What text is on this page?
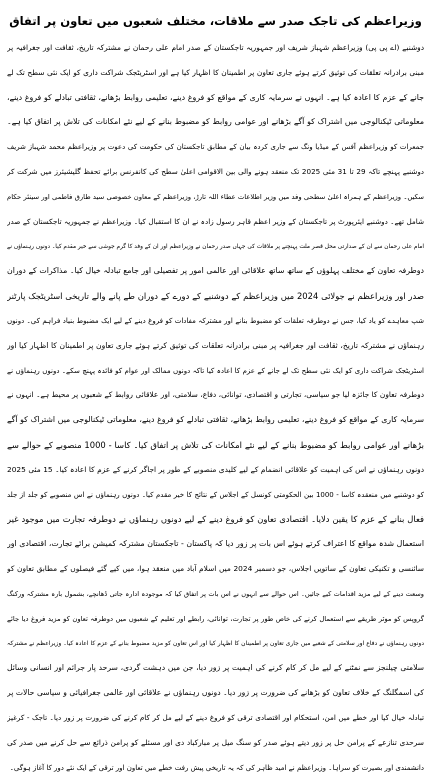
وزیراعظم کی تاجک صدر سے ملاقات، مختلف شعبوں میں تعاون پر اتفاق
دوشنبے (اے پی پی) وزیراعظم شہباز شریف اور جمہوریہ تاجکستان کے صدر امام علی رحمان نے مشترکہ تاریخ، ثقافت اور جغرافیہ پر
مبنی برادرانہ تعلقات کی توثیق کرتے ہوئے جاری تعاون پر اطمینان کا اظہار کیا ہے اور اسٹریٹجک شراکت داری کو ایک نئی سطح تک لے
جانے کے عزم کا اعادہ کیا ہے۔ انہوں نے سرمایہ کاری کے مواقع کو فروغ دینے، تعلیمی روابط بڑھانے، ثقافتی تبادلے کو فروغ دینے،
معلوماتی ٹیکنالوجی میں اشتراک کو آگے بڑھانے اور عوامی روابط کو مضبوط بنانے کے لیے نئے امکانات کی تلاش پر اتفاق کیا ہے۔
جمعرات کو وزیراعظم آفس کے میڈیا ونگ سے جاری کردہ بیان کے مطابق تاجکستان کی حکومت کی دعوت پر وزیراعظم محمد شہباز شریف
دوشنبے پہنچے تاکہ 29 تا 31 مئی 2025 تک منعقد ہونے والی بین الاقوامی اعلیٰ سطح کی کانفرنس برائے تحفظ گلیشیئرز میں شرکت کر
سکیں۔ وزیراعظم کے ہمراہ اعلیٰ سطحی وفد میں وزیر اطلاعات عطاء اللہ تارڑ، وزیراعظم کے معاون خصوصی سید طارق فاطمی اور سینئر حکام
شامل تھے۔ دوشنبے ایئرپورٹ پر تاجکستان کے وزیر اعظم قاہر رسول زادہ نے ان کا استقبال کیا۔ وزیراعظم نے جمہوریہ تاجکستان کے صدر
امام علی رحمان سے ان کے صدارتی محل قصر ملت پہنچنے پر ملاقات کی جہاں صدر رحمان نے وزیراعظم اور ان کے وفد کا گرم جوشی سے خیر مقدم کیا۔ دونوں رہنماؤں نے
دوطرفہ تعاون کے مختلف پہلوؤں کے ساتھ ساتھ علاقائی اور عالمی امور پر تفصیلی اور جامع تبادلہ خیال کیا۔ مذاکرات کے دوران
صدر اور وزیراعظم نے جولائی 2024 میں وزیراعظم کے دوشنبے کے دورے کے دوران طے پانے والے تاریخی اسٹریٹجک پارٹنر
شپ معاہدے کو یاد کیا، جس نے دوطرفہ تعلقات کو مضبوط بنانے اور مشترکہ مفادات کو فروغ دینے کے لیے ایک مضبوط بنیاد فراہم کی۔ دونوں
رہنماؤں نے مشترکہ تاریخ، ثقافت اور جغرافیہ پر مبنی برادرانہ تعلقات کی توثیق کرتے ہوئے جاری تعاون پر اطمینان کا اظہار کیا اور
اسٹریٹجک شراکت داری کو ایک نئی سطح تک لے جانے کے عزم کا اعادہ کیا تاکہ دونوں ممالک اور عوام کو فائدہ پہنچ سکے۔ دونوں رہنماؤں نے
دوطرفہ تعاون کا جائزہ لیا جو سیاسی، تجارتی و اقتصادی، توانائی، دفاع، سلامتی، اور علاقائی روابط کے شعبوں پر محیط ہے۔ انہوں نے
سرمایہ کاری کے مواقع کو فروغ دینے، تعلیمی روابط بڑھانے، ثقافتی تبادلے کو فروغ دینے، معلوماتی ٹیکنالوجی میں اشتراک کو آگے
بڑھانے اور عوامی روابط کو مضبوط بنانے کے لیے نئے امکانات کی تلاش پر اتفاق کیا۔ کاسا - 1000 منصوبے کے حوالے سے
دونوں رہنماؤں نے اس کی اہمیت کو علاقائی انضمام کے لیے کلیدی منصوبے کے طور پر اجاگر کرنے کے عزم کا اعادہ کیا۔ 15 مئی 2025
کو دوشنبے میں منعقدہ کاسا - 1000 بین الحکومتی کونسل کے اجلاس کے نتائج کا خیر مقدم کیا۔ دونوں رہنماؤں نے اس منصوبے کو جلد از جلد
فعال بنانے کے عزم کا یقین دلایا۔ اقتصادی تعاون کو فروغ دینے کے لیے دونوں رہنماؤں نے دوطرفہ تجارت میں موجود غیر
استعمال شدہ مواقع کا اعتراف کرتے ہوئے اس بات پر زور دیا کہ پاکستان - تاجکستان مشترکہ کمیشن برائے تجارت، اقتصادی اور
سائنسی و تکنیکی تعاون کے ساتویں اجلاس، جو دسمبر 2024 میں اسلام آباد میں منعقد ہوا، میں کیے گئے فیصلوں کے مطابق تعاون کو
وسعت دینے کے لیے مزید اقدامات کیے جائیں۔ اس حوالے سے انہوں نے اس بات پر اتفاق کیا کہ موجودہ ادارہ جاتی ڈھانچے، بشمول بارہ مشترکہ ورکنگ
گروپس کو موثر طریقے سے استعمال کرنے کی خاص طور پر تجارت، توانائی، رابطے اور تعلیم کے شعبوں میں دوطرفہ تعاون کو مزید فروغ دیا جائے
دونوں رہنماؤں نے دفاع اور سلامتی کے شعبے میں جاری تعاون پر اطمینان کا اظہار کیا اور اس تعاون کو مزید مضبوط بنانے کے عزم کا اعادہ کیا۔ وزیراعظم نے مشترکہ
سلامتی چیلنجز سے نمٹنے کے لیے مل کر کام کرنے کی اہمیت پر زور دیا، جن میں دہشت گردی، سرحد پار جرائم اور انسانی وسائل
کی اسمگلنگ کے خلاف تعاون کو بڑھانے کی ضرورت پر زور دیا۔ دونوں رہنماؤں نے علاقائی اور عالمی جغرافیائی و سیاسی حالات پر
تبادلہ خیال کیا اور خطے میں امن، استحکام اور اقتصادی ترقی کو فروغ دینے کے لیے مل کر کام کرنے کی ضرورت پر زور دیا۔ تاجک - کرغیز
سرحدی تنازعے کے پرامن حل پر زور دیتے ہوئے صدر کو سنگ میل پر مبارکباد دی اور مسئلے کو پرامن ذرائع سے حل کرنے میں صدر کی
دانشمندی اور بصیرت کو سراہا۔ وزیراعظم نے امید ظاہر کی کہ یہ تاریخی پیش رفت خطے میں تعاون اور ترقی کے ایک نئے دور کا آغاز ہوگی۔
